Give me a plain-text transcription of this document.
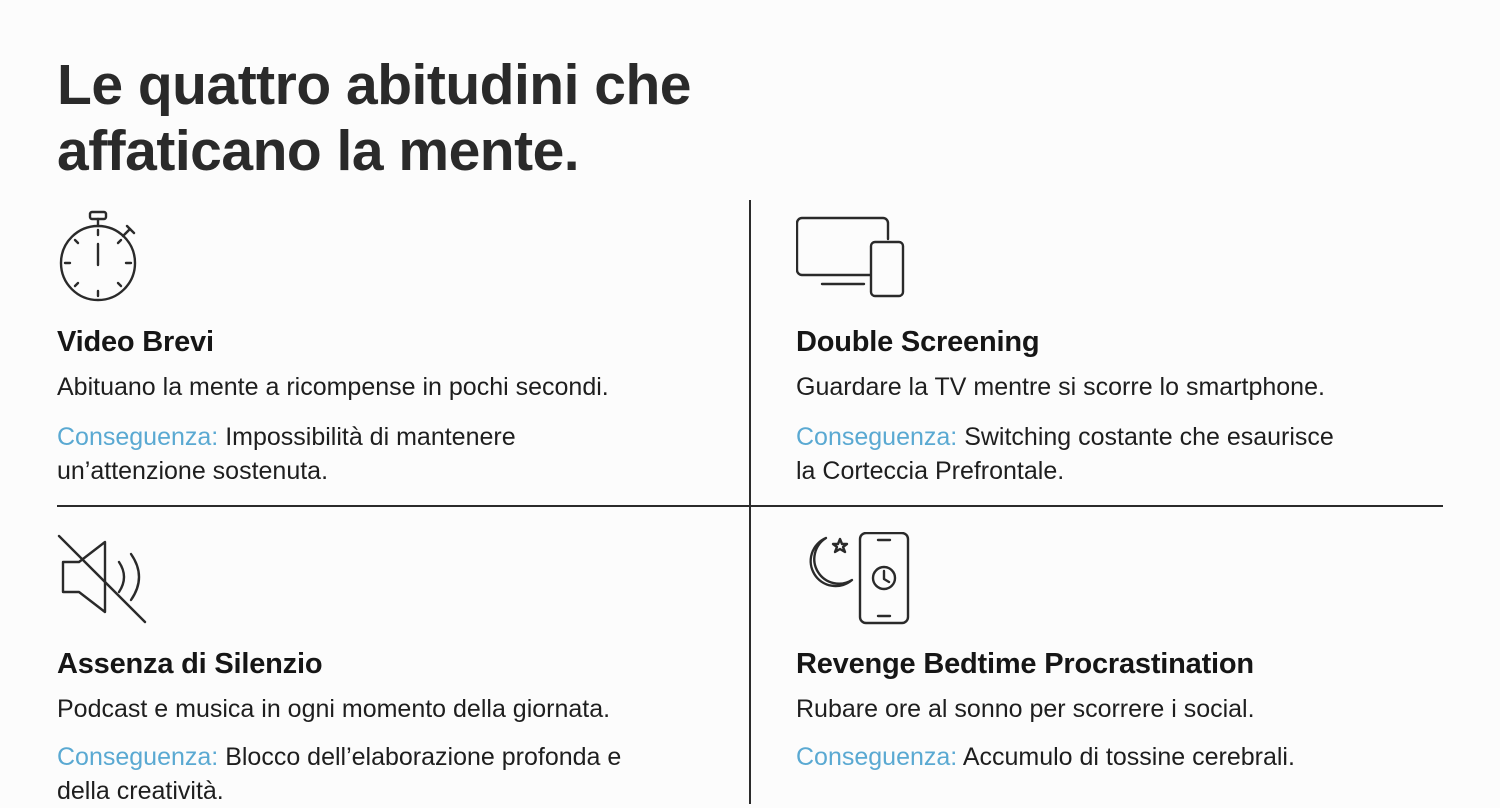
Le quattro abitudini che
affaticano la mente.
Video Brevi

Abituano la mente a ricompense in pochi secondi.

Conseguenza: Impossibilità di mantenere
un’attenzione sostenuta.

Double Screening

Guardare la TV mentre si scorre lo smartphone.

Conseguenza: Switching costante che esaurisce
la Corteccia Prefrontale.

Assenza di Silenzio

Podcast e musica in ogni momento della giornata.

Conseguenza: Blocco dell’elaborazione profonda e
della creatività.

Revenge Bedtime Procrastination

Rubare ore al sonno per scorrere i social.

Conseguenza: Accumulo di tossine cerebrali.
